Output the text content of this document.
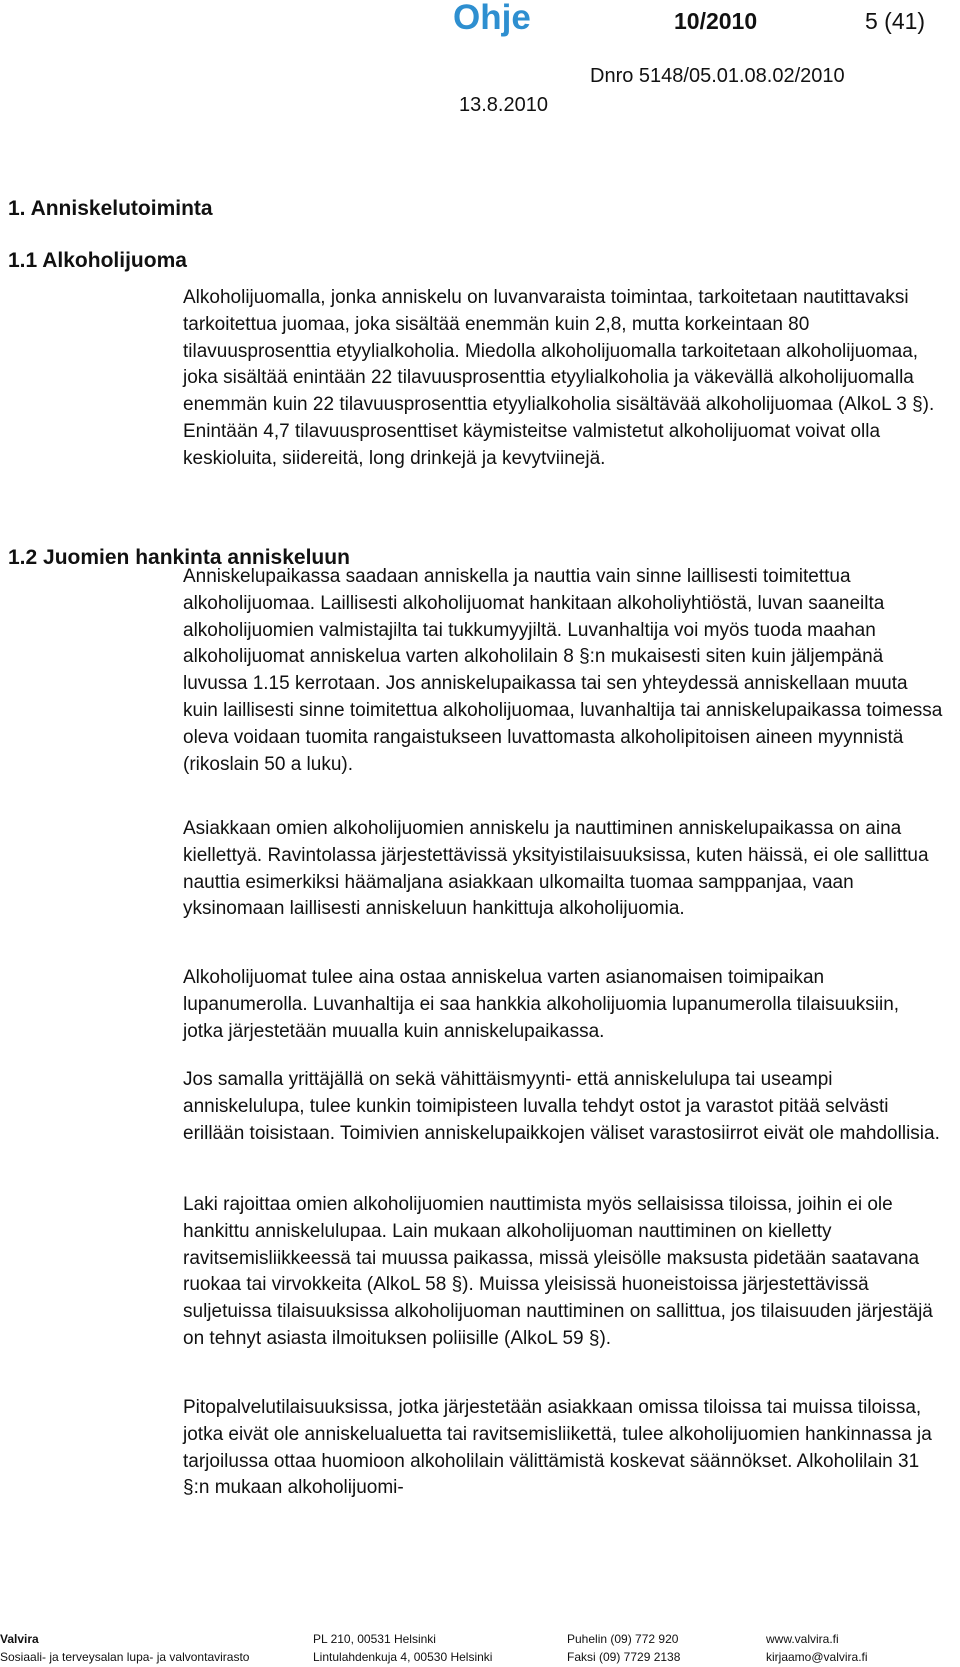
Ohje	10/2010	5 (41)
Dnro 5148/05.01.08.02/2010
13.8.2010
1. Anniskelutoiminta
1.1 Alkoholijuoma

Alkoholijuomalla, jonka anniskelu on luvanvaraista toimintaa, tarkoitetaan nautittavaksi tarkoitettua juomaa, joka sisältää enemmän kuin 2,8, mutta korkeintaan 80 tilavuusprosenttia etyylialkoholia. Miedolla alkoholijuomalla tarkoitetaan alkoholijuomaa, joka sisältää enintään 22 tilavuusprosenttia etyylialkoholia ja väkevällä alkoholijuomalla enemmän kuin 22 tilavuusprosenttia etyylialkoholia sisältävää alkoholijuomaa (AlkoL 3 §). Enintään 4,7 tilavuusprosenttiset käymisteitse valmistetut alkoholijuomat voivat olla keskioluita, siidereitä, long drinkejä ja kevytviinejä.

1.2 Juomien hankinta anniskeluun

Anniskelupaikassa saadaan anniskella ja nauttia vain sinne laillisesti toimitettua alkoholijuomaa. Laillisesti alkoholijuomat hankitaan alkoholiyhtiöstä, luvan saaneilta alkoholijuomien valmistajilta tai tukkumyyjiltä. Luvanhaltija voi myös tuoda maahan alkoholijuomat anniskelua varten alkoholilain 8 §:n mukaisesti siten kuin jäljempänä luvussa 1.15 kerrotaan. Jos anniskelupaikassa tai sen yhteydessä anniskellaan muuta kuin laillisesti sinne toimitettua alkoholijuomaa, luvanhaltija tai anniskelupaikassa toimessa oleva voidaan tuomita rangaistukseen luvattomasta alkoholipitoisen aineen myynnistä (rikoslain 50 a luku).

Asiakkaan omien alkoholijuomien anniskelu ja nauttiminen anniskelupaikassa on aina kiellettyä. Ravintolassa järjestettävissä yksityistilaisuuksissa, kuten häissä, ei ole sallittua nauttia esimerkiksi häämaljana asiakkaan ulkomailta tuomaa samppanjaa, vaan yksinomaan laillisesti anniskeluun hankittuja alkoholijuomia.

Alkoholijuomat tulee aina ostaa anniskelua varten asianomaisen toimipaikan lupanumerolla. Luvanhaltija ei saa hankkia alkoholijuomia lupanumerolla tilaisuuksiin, jotka järjestetään muualla kuin anniskelupaikassa.

Jos samalla yrittäjällä on sekä vähittäismyynti- että anniskelulupa tai useampi anniskelulupa, tulee kunkin toimipisteen luvalla tehdyt ostot ja varastot pitää selvästi erillään toisistaan. Toimivien anniskelupaikkojen väliset varastosiirrot eivät ole mahdollisia.

Laki rajoittaa omien alkoholijuomien nauttimista myös sellaisissa tiloissa, joihin ei ole hankittu anniskelulupaa. Lain mukaan alkoholijuoman nauttiminen on kielletty ravitsemisliikkeessä tai muussa paikassa, missä yleisölle maksusta pidetään saatavana ruokaa tai virvokkeita (AlkoL 58 §). Muissa yleisissä huoneistoissa järjestettävissä suljetuissa tilaisuuksissa alkoholijuoman nauttiminen on sallittua, jos tilaisuuden järjestäjä on tehnyt asiasta ilmoituksen poliisille (AlkoL 59 §).

Pitopalvelutilaisuuksissa, jotka järjestetään asiakkaan omissa tiloissa tai muissa tiloissa, jotka eivät ole anniskelualuetta tai ravitsemisliikettä, tulee alkoholijuomien hankinnassa ja tarjoilussa ottaa huomioon alkoholilain välittämistä koskevat säännökset. Alkoholilain 31 §:n mukaan alkoholijuomi-

Valvira
Sosiaali- ja terveysalan lupa- ja valvontavirasto
PL 210, 00531 Helsinki
Lintulahdenkuja 4, 00530 Helsinki
Puhelin (09) 772 920
Faksi (09) 7729 2138
www.valvira.fi
kirjaamo@valvira.fi
